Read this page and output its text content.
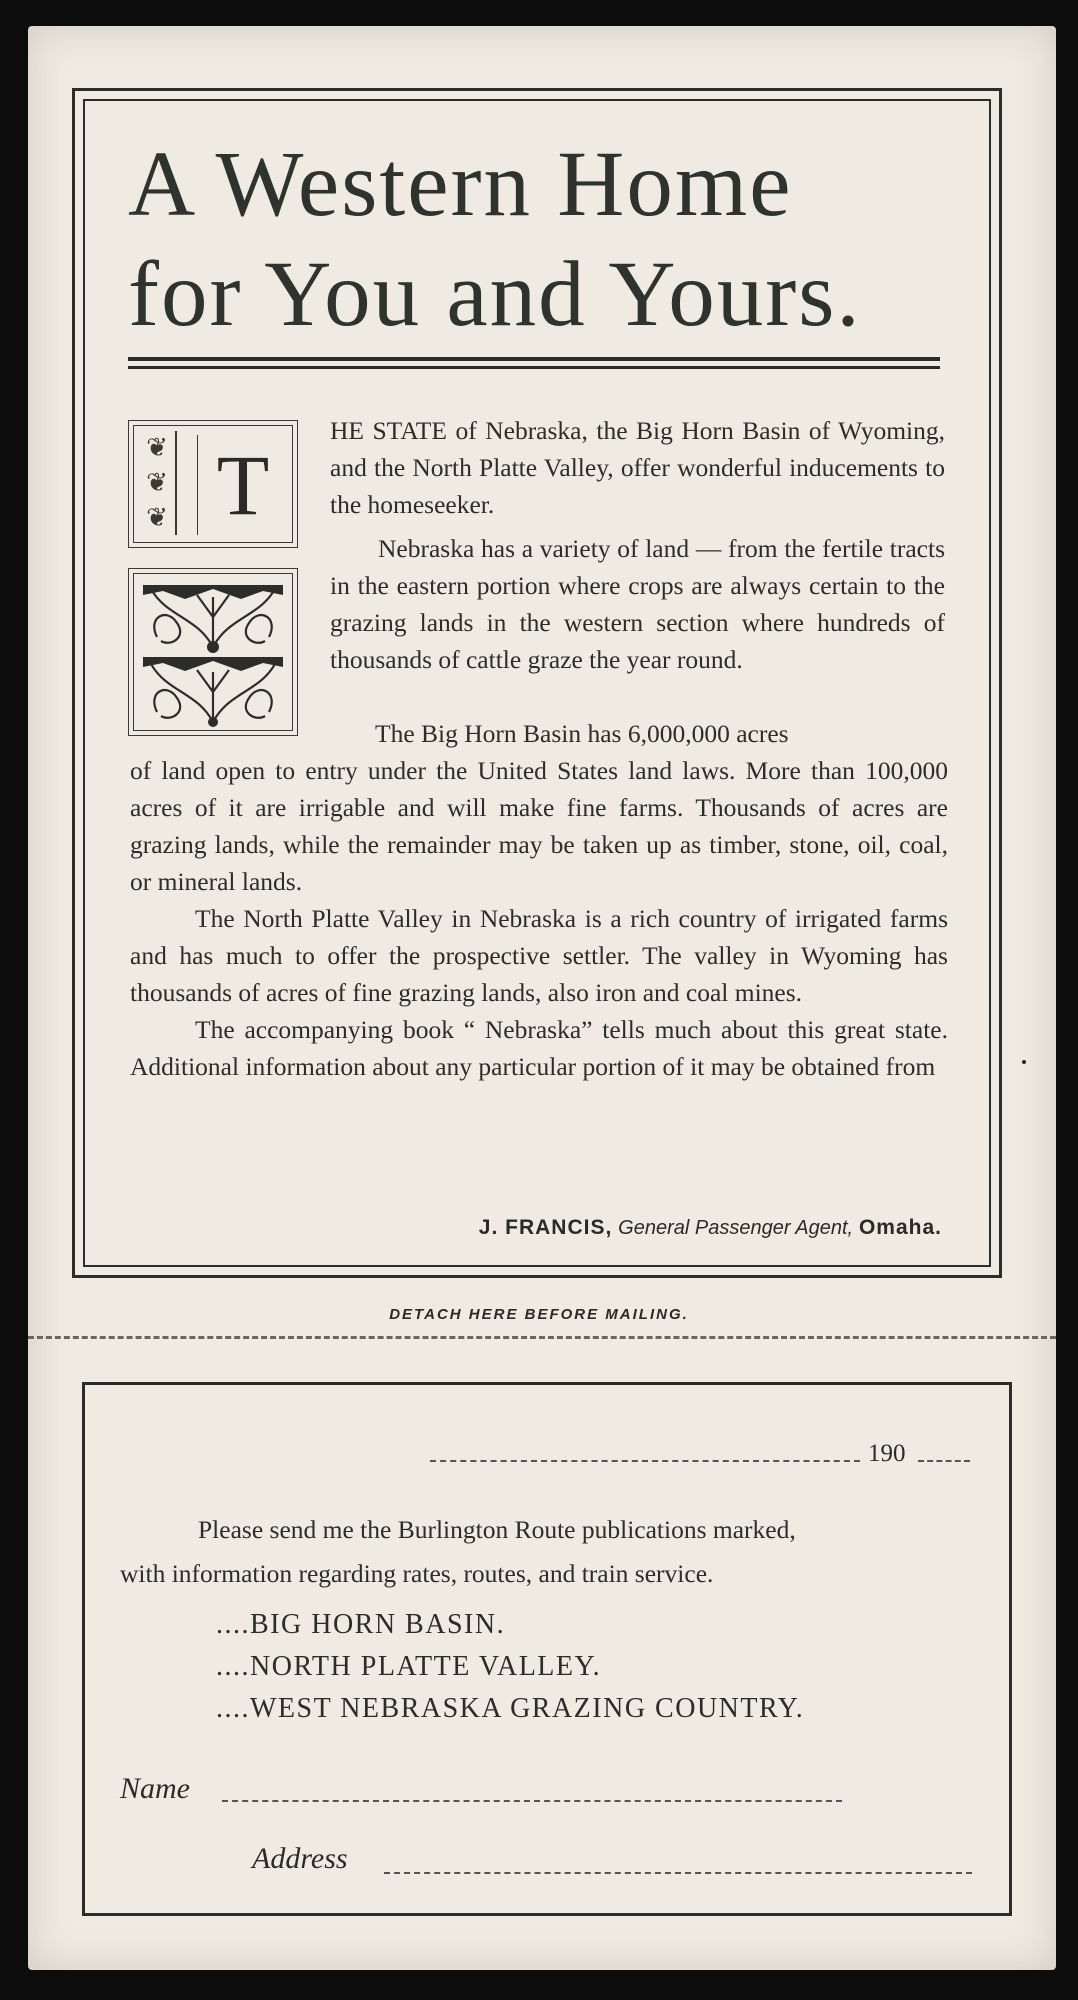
A Western Home
for You and Yours.
❦
❦
❦ T

HE STATE of Nebraska, the Big Horn Basin of Wyoming, and the North Platte Valley, offer wonderful inducements to the homeseeker.

Nebraska has a variety of land — from the fertile tracts in the eastern portion where crops are always certain to the grazing lands in the western section where hundreds of thousands of cattle graze the year round.

The Big Horn Basin has 6,000,000 acres

of land open to entry under the United States land laws. More than 100,000 acres of it are irrigable and will make fine farms. Thousands of acres are grazing lands, while the remainder may be taken up as timber, stone, oil, coal, or mineral lands.

The North Platte Valley in Nebraska is a rich country of irrigated farms and has much to offer the prospective settler. The valley in Wyoming has thousands of acres of fine grazing lands, also iron and coal mines.

The accompanying book “ Nebraska” tells much about this great state. Additional information about any particular portion of it may be obtained from

J. FRANCIS, General Passenger Agent, Omaha.
DETACH HERE BEFORE MAILING.
190
Please send me the Burlington Route publications marked,
with information regarding rates, routes, and train service.
....BIG HORN BASIN.
....NORTH PLATTE VALLEY.
....WEST NEBRASKA GRAZING COUNTRY.
Name
Address
